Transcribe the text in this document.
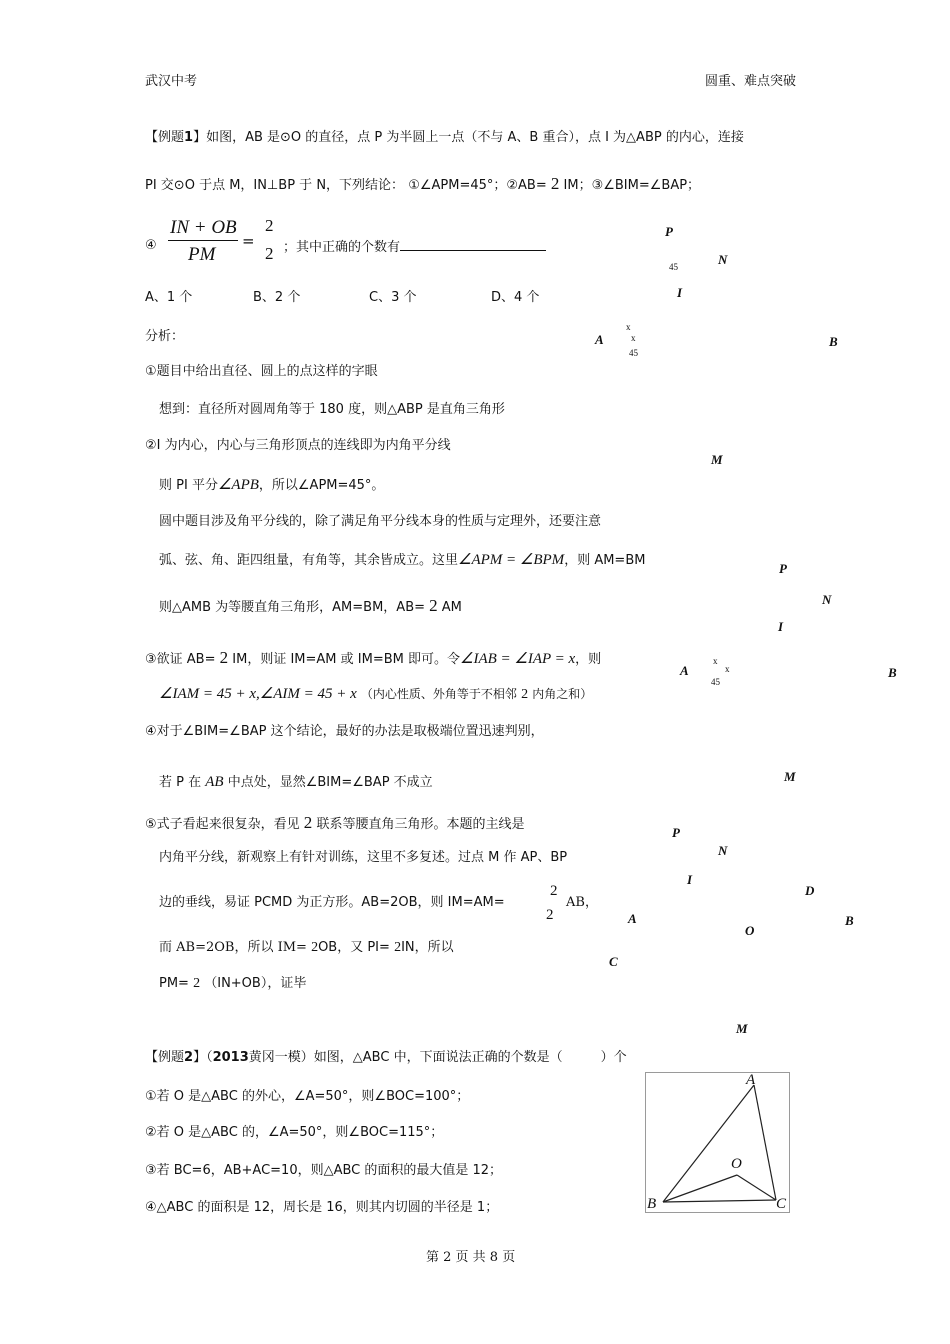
武汉中考	圆重、难点突破
【例题1】如图，AB 是⊙O 的直径，点 P 为半圆上一点（不与 A、B 重合），点 I 为△ABP 的内心，连接
PI 交⊙O 于点 M，IN⊥BP 于 N，下列结论： ①∠APM=45°；②AB= 2 IM；③∠BIM=∠BAP；
④
IN + OB
PM
=
2
2 ；其中正确的个数有
A、1 个	B、2 个	C、3 个	D、4 个
分析：
①题目中给出直径、圆上的点这样的字眼
想到：直径所对圆周角等于 180 度，则△ABP 是直角三角形
②I 为内心，内心与三角形顶点的连线即为内角平分线
则 PI 平分∠APB，所以∠APM=45°。
圆中题目涉及角平分线的，除了满足角平分线本身的性质与定理外，还要注意
弧、弦、角、距四组量，有角等，其余皆成立。这里∠APM = ∠BPM，则 AM=BM
则△AMB 为等腰直角三角形，AM=BM，AB= 2 AM
③欲证 AB= 2 IM，则证 IM=AM 或 IM=BM 即可。令∠IAB = ∠IAP = x，则
∠IAM = 45 + x,∠AIM = 45 + x （内心性质、外角等于不相邻 2 内角之和）
④对于∠BIM=∠BAP 这个结论，最好的办法是取极端位置迅速判别，
若 P 在 AB 中点处，显然∠BIM=∠BAP 不成立
⑤式子看起来很复杂，看见 2 联系等腰直角三角形。本题的主线是
内角平分线，新观察上有针对训练，这里不多复述。过点 M 作 AP、BP
边的垂线，易证 PCMD 为正方形。AB=2OB，则 IM=AM=
2
2
AB，
而 AB=2OB，所以 IM= 2OB，又 PI= 2IN，所以
PM= 2 （IN+OB），证毕
P
45	N
I
x
x
A
45
B
M
P
N
I
x
x
A
45
B
M
P
N
I
D
A	B
O
C
M
【例题2】（2013黄冈一模）如图，△ABC 中，下面说法正确的个数是（	）个
①若 O 是△ABC 的外心，∠A=50°，则∠BOC=100°；
②若 O 是△ABC 的，∠A=50°，则∠BOC=115°；
③若 BC=6，AB+AC=10，则△ABC 的面积的最大值是 12；
④△ABC 的面积是 12，周长是 16，则其内切圆的半径是 1；
A
B	C
O
第 2 页 共 8 页
